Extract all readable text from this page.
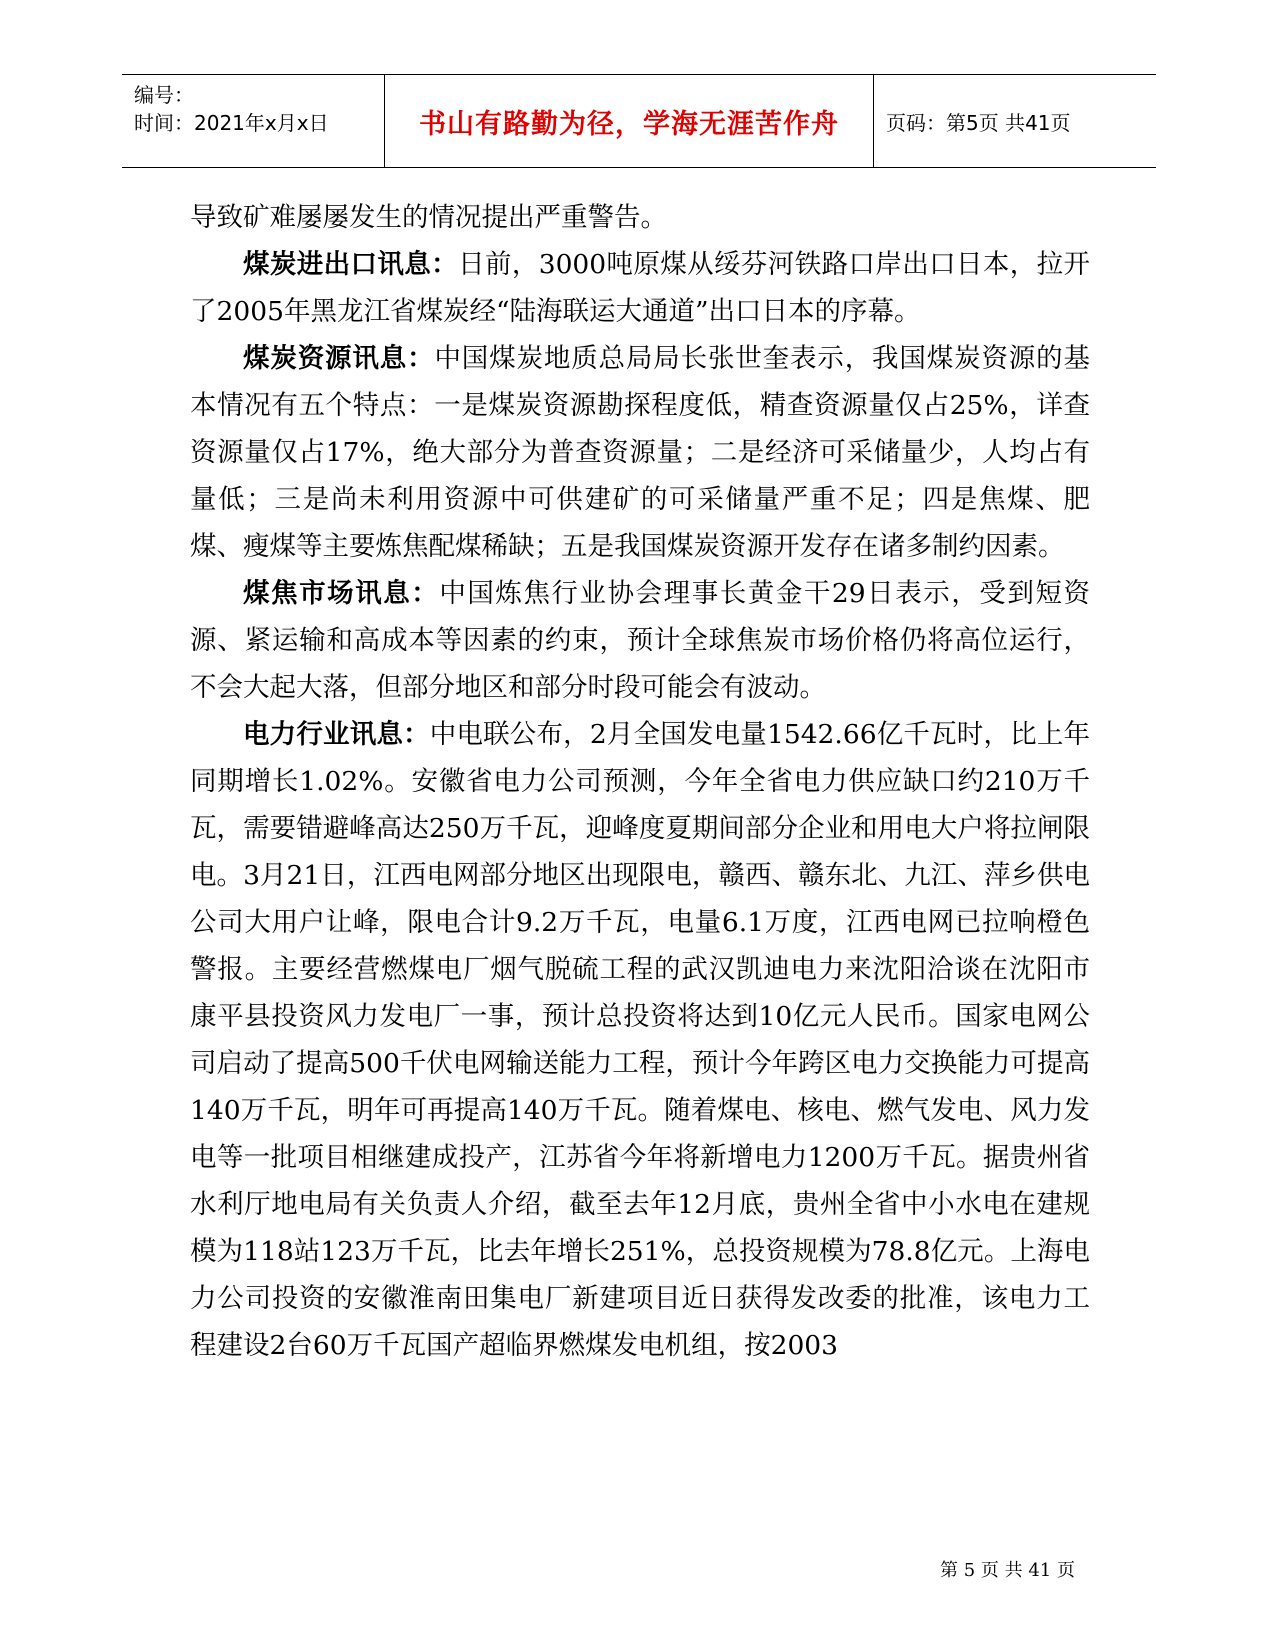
编号：
时间：2021年x月x日	书山有路勤为径，学海无涯苦作舟	页码：第5页 共41页

导致矿难屡屡发生的情况提出严重警告。

煤炭进出口讯息：日前，3000吨原煤从绥芬河铁路口岸出口日本，拉开了2005年黑龙江省煤炭经“陆海联运大通道”出口日本的序幕。

煤炭资源讯息：中国煤炭地质总局局长张世奎表示，我国煤炭资源的基本情况有五个特点：一是煤炭资源勘探程度低，精查资源量仅占25%，详查资源量仅占17%，绝大部分为普查资源量；二是经济可采储量少，人均占有量低；三是尚未利用资源中可供建矿的可采储量严重不足；四是焦煤、肥煤、瘦煤等主要炼焦配煤稀缺；五是我国煤炭资源开发存在诸多制约因素。

煤焦市场讯息：中国炼焦行业协会理事长黄金干29日表示，受到短资源、紧运输和高成本等因素的约束，预计全球焦炭市场价格仍将高位运行，不会大起大落，但部分地区和部分时段可能会有波动。

电力行业讯息：中电联公布，2月全国发电量1542.66亿千瓦时，比上年同期增长1.02%。安徽省电力公司预测，今年全省电力供应缺口约210万千瓦，需要错避峰高达250万千瓦，迎峰度夏期间部分企业和用电大户将拉闸限电。3月21日，江西电网部分地区出现限电，赣西、赣东北、九江、萍乡供电公司大用户让峰，限电合计9.2万千瓦，电量6.1万度，江西电网已拉响橙色警报。主要经营燃煤电厂烟气脱硫工程的武汉凯迪电力来沈阳洽谈在沈阳市康平县投资风力发电厂一事，预计总投资将达到10亿元人民币。国家电网公司启动了提高500千伏电网输送能力工程，预计今年跨区电力交换能力可提高140万千瓦，明年可再提高140万千瓦。随着煤电、核电、燃气发电、风力发电等一批项目相继建成投产，江苏省今年将新增电力1200万千瓦。据贵州省水利厅地电局有关负责人介绍，截至去年12月底，贵州全省中小水电在建规模为118站123万千瓦，比去年增长251%，总投资规模为78.8亿元。上海电力公司投资的安徽淮南田集电厂新建项目近日获得发改委的批准，该电力工程建设2台60万千瓦国产超临界燃煤发电机组，按2003

第 5 页 共 41 页
